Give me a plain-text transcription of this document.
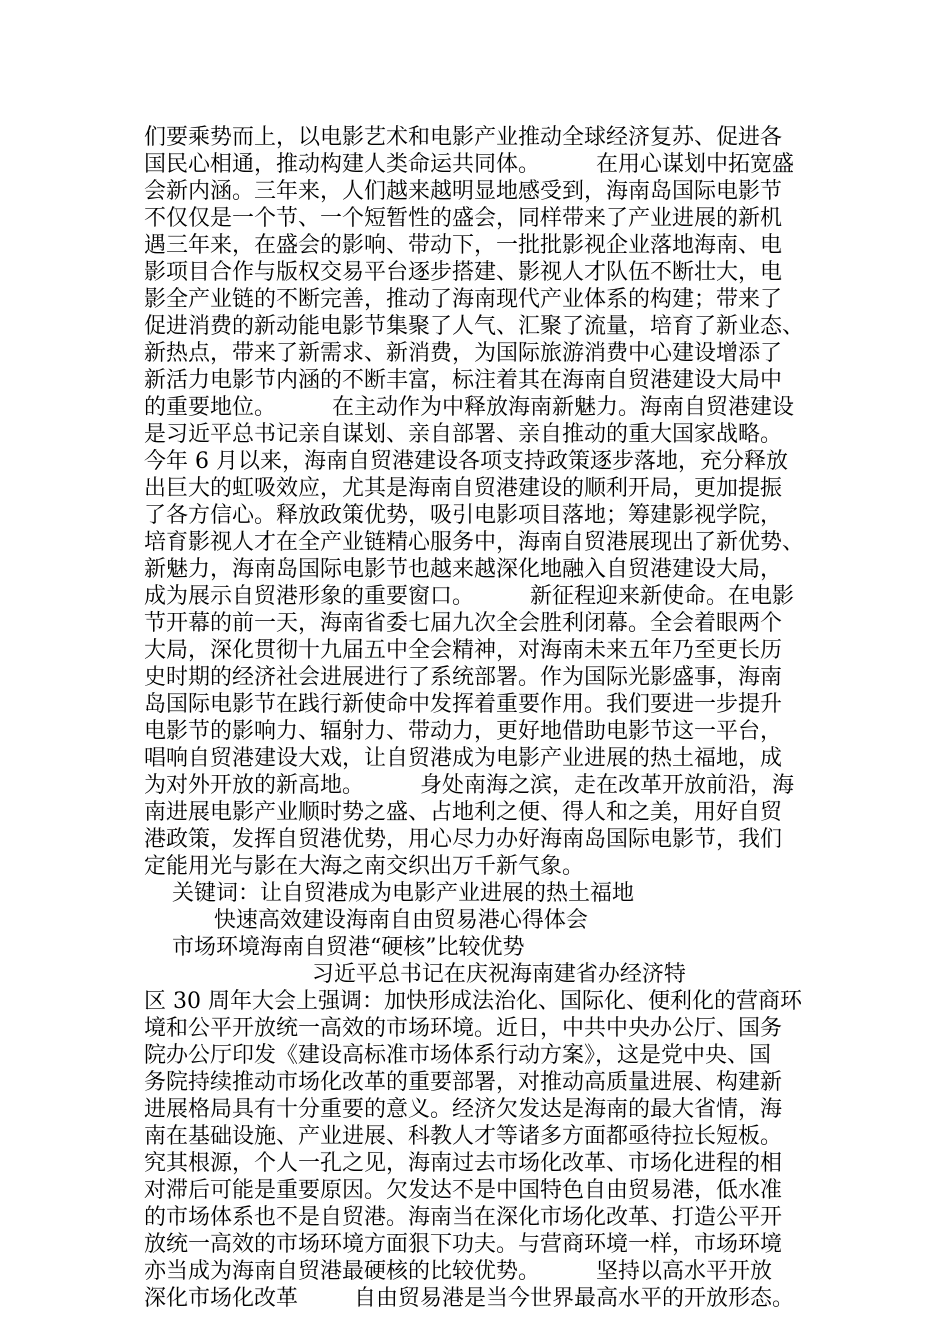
们要乘势而上，以电影艺术和电影产业推动全球经济复苏、促进各
国民心相通，推动构建人类命运共同体。        在用心谋划中拓宽盛
会新内涵。三年来，人们越来越明显地感受到，海南岛国际电影节
不仅仅是一个节、一个短暂性的盛会，同样带来了产业进展的新机
遇三年来，在盛会的影响、带动下，一批批影视企业落地海南、电
影项目合作与版权交易平台逐步搭建、影视人才队伍不断壮大，电
影全产业链的不断完善，推动了海南现代产业体系的构建；带来了
促进消费的新动能电影节集聚了人气、汇聚了流量，培育了新业态、
新热点，带来了新需求、新消费，为国际旅游消费中心建设增添了
新活力电影节内涵的不断丰富，标注着其在海南自贸港建设大局中
的重要地位。        在主动作为中释放海南新魅力。海南自贸港建设
是习近平总书记亲自谋划、亲自部署、亲自推动的重大国家战略。
今年 6 月以来，海南自贸港建设各项支持政策逐步落地，充分释放
出巨大的虹吸效应，尤其是海南自贸港建设的顺利开局，更加提振
了各方信心。释放政策优势，吸引电影项目落地；筹建影视学院，
培育影视人才在全产业链精心服务中，海南自贸港展现出了新优势、
新魅力，海南岛国际电影节也越来越深化地融入自贸港建设大局，
成为展示自贸港形象的重要窗口。        新征程迎来新使命。在电影
节开幕的前一天，海南省委七届九次全会胜利闭幕。全会着眼两个
大局，深化贯彻十九届五中全会精神，对海南未来五年乃至更长历
史时期的经济社会进展进行了系统部署。作为国际光影盛事，海南
岛国际电影节在践行新使命中发挥着重要作用。我们要进一步提升
电影节的影响力、辐射力、带动力，更好地借助电影节这一平台，
唱响自贸港建设大戏，让自贸港成为电影产业进展的热土福地，成
为对外开放的新高地。        身处南海之滨，走在改革开放前沿，海
南进展电影产业顺时势之盛、占地利之便、得人和之美，用好自贸
港政策，发挥自贸港优势，用心尽力办好海南岛国际电影节，我们
定能用光与影在大海之南交织出万千新气象。
关键词：让自贸港成为电影产业进展的热土福地
快速高效建设海南自由贸易港心得体会
市场环境海南自贸港“硬核”比较优势
习近平总书记在庆祝海南建省办经济特
区 30 周年大会上强调：加快形成法治化、国际化、便利化的营商环
境和公平开放统一高效的市场环境。近日，中共中央办公厅、国务
院办公厅印发《建设高标准市场体系行动方案》，这是党中央、国
务院持续推动市场化改革的重要部署，对推动高质量进展、构建新
进展格局具有十分重要的意义。经济欠发达是海南的最大省情，海
南在基础设施、产业进展、科教人才等诸多方面都亟待拉长短板。
究其根源，个人一孔之见，海南过去市场化改革、市场化进程的相
对滞后可能是重要原因。欠发达不是中国特色自由贸易港，低水准
的市场体系也不是自贸港。海南当在深化市场化改革、打造公平开
放统一高效的市场环境方面狠下功夫。与营商环境一样，市场环境
亦当成为海南自贸港最硬核的比较优势。        坚持以高水平开放
深化市场化改革        自由贸易港是当今世界最高水平的开放形态。
